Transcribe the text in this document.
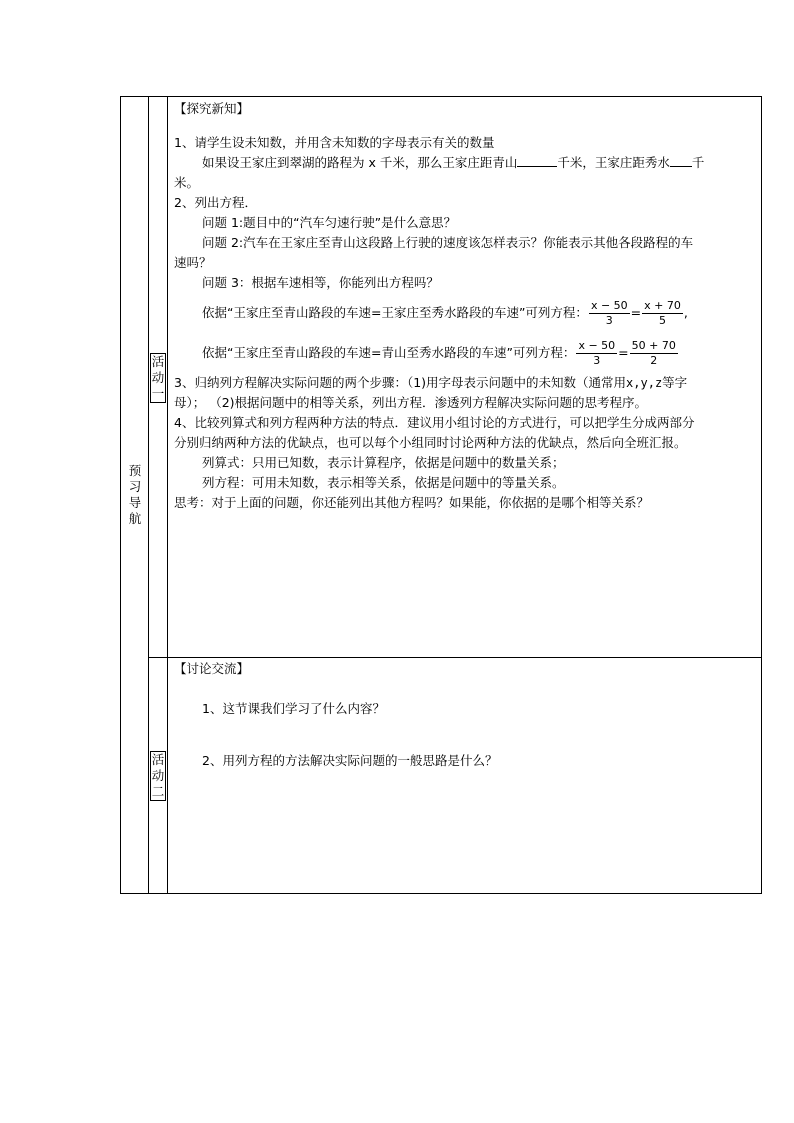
预习导航
活动一
活动二
【探究新知】
1、请学生设未知数，并用含未知数的字母表示有关的数量
如果设王家庄到翠湖的路程为 x 千米，那么王家庄距青山	千米，王家庄距秀水 千
米。
2、列出方程．
问题 1:题目中的“汽车匀速行驶”是什么意思？
问题 2:汽车在王家庄至青山这段路上行驶的速度该怎样表示？你能表示其他各段路程的车
速吗？
问题 3：根据车速相等，你能列出方程吗？
依据“王家庄至青山路段的车速=王家庄至秀水路段的车速”可列方程： $\frac{x - 50}{3} = \frac{x + 70}{5}$ ,
依据“王家庄至青山路段的车速=青山至秀水路段的车速”可列方程： $\frac{x - 50}{3} = \frac{50 + 70}{2}$
3、归纳列方程解决实际问题的两个步骤：（1)用字母表示问题中的未知数（通常用x,y,z等字
母）； （2)根据问题中的相等关系，列出方程．渗透列方程解决实际问题的思考程序。
4、比较列算式和列方程两种方法的特点．建议用小组讨论的方式进行，可以把学生分成两部分
分别归纳两种方法的优缺点，也可以每个小组同时讨论两种方法的优缺点，然后向全班汇报。
列算式：只用已知数，表示计算程序，依据是问题中的数量关系；
列方程：可用未知数，表示相等关系，依据是问题中的等量关系。
思考：对于上面的问题，你还能列出其他方程吗？如果能，你依据的是哪个相等关系？
【讨论交流】
1、这节课我们学习了什么内容？
2、用列方程的方法解决实际问题的一般思路是什么？
